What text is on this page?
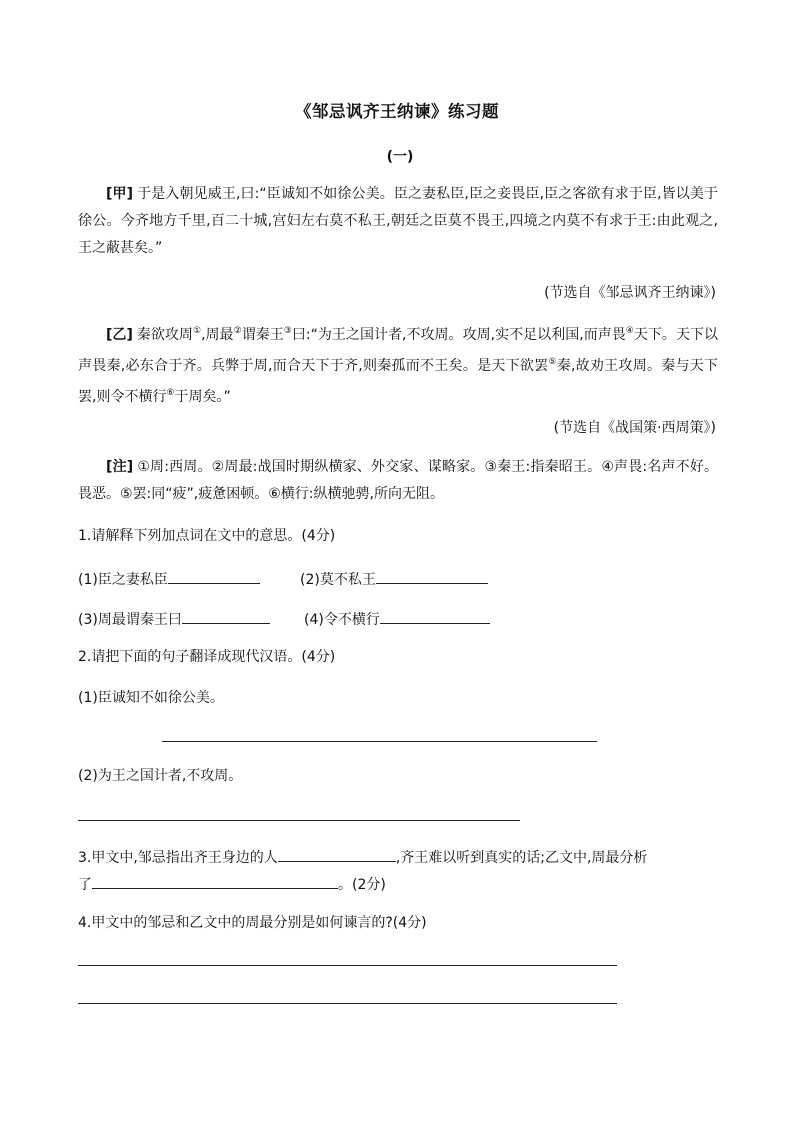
《邹忌讽齐王纳谏》练习题
(一)
[甲] 于是入朝见威王,曰:“臣诚知不如徐公美。臣之妻私臣,臣之妾畏臣,臣之客欲有求于臣,皆以美于徐公。今齐地方千里,百二十城,宫妇左右莫不私王,朝廷之臣莫不畏王,四境之内莫不有求于王:由此观之,王之蔽甚矣。”
(节选自《邹忌讽齐王纳谏》)
[乙] 秦欲攻周①,周最②谓秦王③曰:“为王之国计者,不攻周。攻周,实不足以利国,而声畏④天下。天下以声畏秦,必东合于齐。兵弊于周,而合天下于齐,则秦孤而不王矣。是天下欲罢⑤秦,故劝王攻周。秦与天下罢,则令不横行⑥于周矣。”
(节选自《战国策·西周策》)
[注] ①周:西周。②周最:战国时期纵横家、外交家、谋略家。③秦王:指秦昭王。④声畏:名声不好。畏恶。⑤罢:同“疲”,疲惫困顿。⑥横行:纵横驰骋,所向无阻。
1.请解释下列加点词在文中的意思。(4分)
(1)臣之妻私臣	(2)莫不私王
(3)周最谓秦王曰	(4)令不横行
2.请把下面的句子翻译成现代汉语。(4分)
(1)臣诚知不如徐公美。
(2)为王之国计者,不攻周。
3.甲文中,邹忌指出齐王身边的人	,齐王难以听到真实的话;乙文中,周最分析
了	。(2分)
4.甲文中的邹忌和乙文中的周最分别是如何谏言的?(4分)
